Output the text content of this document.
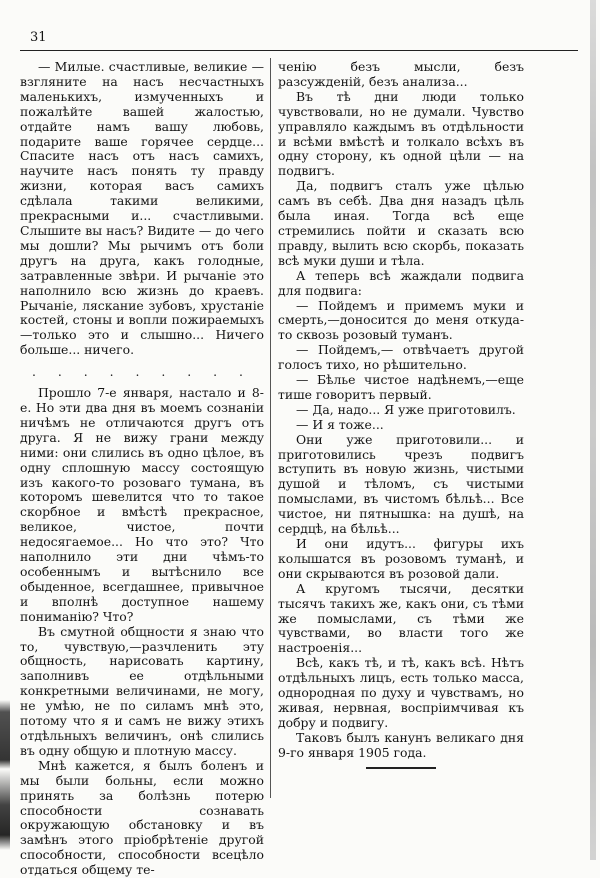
31

— Милые. счастливые, великие — взгляните на насъ несчастныхъ маленькихъ, измученныхъ и пожалѣйте вашей жалостью, отдайте намъ вашу любовь, подарите ваше горячее сердце... Спасите насъ отъ насъ самихъ, научите насъ понять ту правду жизни, которая васъ самихъ сдѣлала такими великими, прекрасными и... счастливыми. Слышите вы насъ? Видите — до чего мы дошли? Мы рычимъ отъ боли другъ на друга, какъ голодные, затравленные звѣри. И рычаніе это наполнило всю жизнь до краевъ. Рычаніе, ляскание зубовъ, хрустаніе костей, стоны и вопли пожираемыхъ—только это и слышно... Ничего больше... ничего.

. . . . . . . . .

Прошло 7-е января, настало и 8-е. Но эти два дня въ моемъ сознаніи ничѣмъ не отличаются другъ отъ друга. Я не вижу грани между ними: они слились въ одно цѣлое, въ одну сплошную массу состоящую изъ какого-то розоваго тумана, въ которомъ шевелится что то такое скорбное и вмѣстѣ прекрасное, великое, чистое, почти недосягаемое... Но что это? Что наполнило эти дни чѣмъ-то особеннымъ и вытѣснило все обыденное, всегдашнее, привычное и вполнѣ доступное нашему пониманію? Что?

Въ смутной общности я знаю что то, чувствую,—разчленить эту общность, нарисовать картину, заполнивъ ее отдѣльными конкретными величинами, не могу, не умѣю, не по силамъ мнѣ это, потому что я и самъ не вижу этихъ отдѣльныхъ величинъ, онѣ слились въ одну общую и плотную массу.

Мнѣ кажется, я былъ боленъ и мы были больны, если можно принять за болѣзнь потерю способности сознавать окружающую обстановку и въ замѣнъ этого пріобрѣтеніе другой способности, способности всецѣло отдаться общему те-

ченію безъ мысли, безъ разсужденій, безъ анализа...

Въ тѣ дни люди только чувствовали, но не думали. Чувство управляло каждымъ въ отдѣльности и всѣми вмѣстѣ и толкало всѣхъ въ одну сторону, къ одной цѣли — на подвигъ.

Да, подвигъ сталъ уже цѣлью самъ въ себѣ. Два дня назадъ цѣль была иная. Тогда всѣ еще стремились пойти и сказать всю правду, вылить всю скорбь, показать всѣ муки души и тѣла.

А теперь всѣ жаждали подвига для подвига:

— Пойдемъ и примемъ муки и смерть,—доносится до меня откуда-то сквозь розовый туманъ.

— Пойдемъ,— отвѣчаетъ другой голосъ тихо, но рѣшительно.

— Бѣлье чистое надѣнемъ,—еще тише говоритъ первый.

— Да, надо... Я уже приготовилъ.

— И я тоже...

Они уже приготовили... и приготовились чрезъ подвигъ вступить въ новую жизнь, чистыми душой и тѣломъ, съ чистыми помыслами, въ чистомъ бѣльѣ... Все чистое, ни пятнышка: на душѣ, на сердцѣ, на бѣльѣ...

И они идутъ... фигуры ихъ колышатся въ розовомъ туманѣ, и они скрываются въ розовой дали.

А кругомъ тысячи, десятки тысячъ такихъ же, какъ они, съ тѣми же помыслами, съ тѣми же чувствами, во власти того же настроенія...

Всѣ, какъ тѣ, и тѣ, какъ всѣ. Нѣтъ отдѣльныхъ лицъ, есть только масса, однородная по духу и чувствамъ, но живая, нервная, воспріимчивая къ добру и подвигу.

Таковъ былъ канунъ великаго дня 9-го января 1905 года.
